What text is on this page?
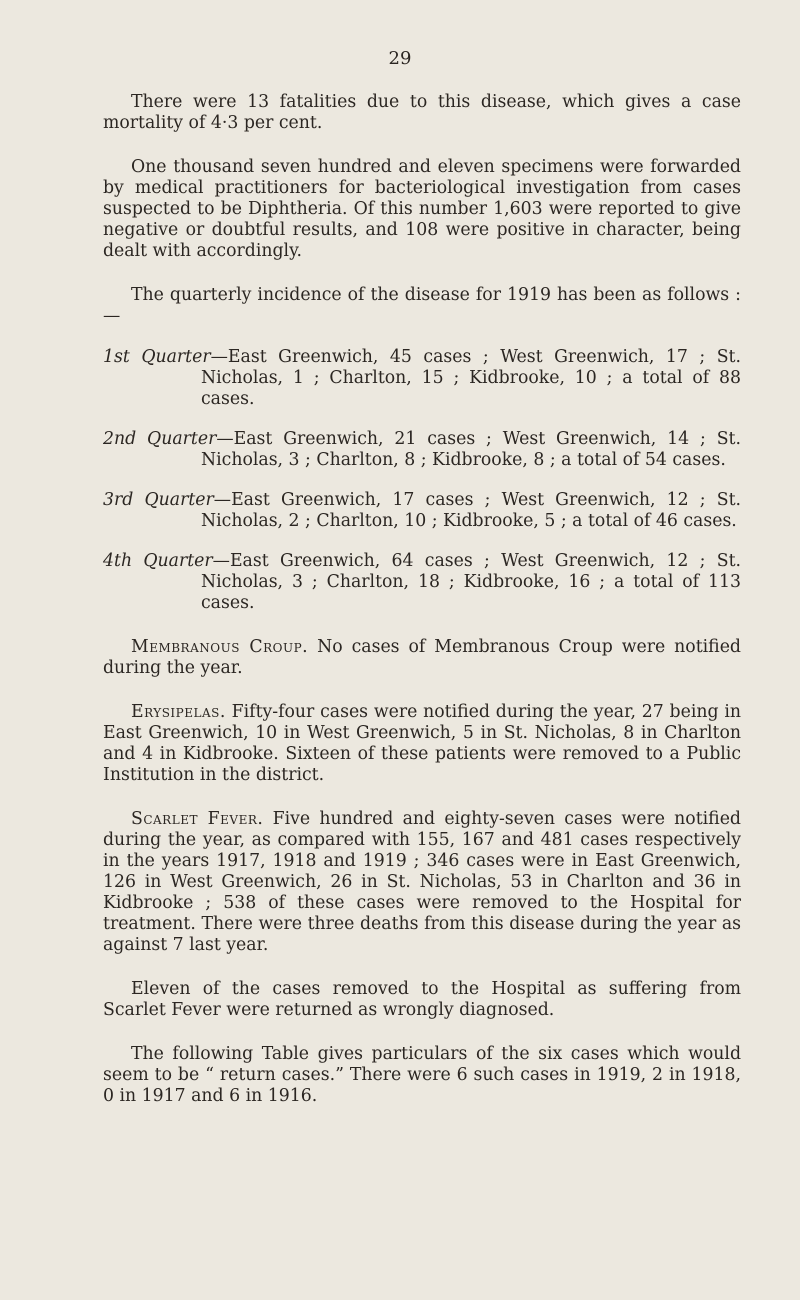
29

There were 13 fatalities due to this disease, which gives a case mortality of 4·3 per cent.

One thousand seven hundred and eleven specimens were forwarded by medical practitioners for bacteriological investigation from cases suspected to be Diphtheria. Of this number 1,603 were reported to give negative or doubtful results, and 108 were positive in character, being dealt with accordingly.

The quarterly incidence of the disease for 1919 has been as follows :—

1st Quarter—East Greenwich, 45 cases ; West Greenwich, 17 ; St. Nicholas, 1 ; Charlton, 15 ; Kidbrooke, 10 ; a total of 88 cases.

2nd Quarter—East Greenwich, 21 cases ; West Greenwich, 14 ; St. Nicholas, 3 ; Charlton, 8 ; Kidbrooke, 8 ; a total of 54 cases.

3rd Quarter—East Greenwich, 17 cases ; West Greenwich, 12 ; St. Nicholas, 2 ; Charlton, 10 ; Kidbrooke, 5 ; a total of 46 cases.

4th Quarter—East Greenwich, 64 cases ; West Greenwich, 12 ; St. Nicholas, 3 ; Charlton, 18 ; Kidbrooke, 16 ; a total of 113 cases.

Membranous Croup. No cases of Membranous Croup were notified during the year.

Erysipelas. Fifty-four cases were notified during the year, 27 being in East Greenwich, 10 in West Greenwich, 5 in St. Nicholas, 8 in Charlton and 4 in Kidbrooke. Sixteen of these patients were removed to a Public Institution in the district.

Scarlet Fever. Five hundred and eighty-seven cases were notified during the year, as compared with 155, 167 and 481 cases respectively in the years 1917, 1918 and 1919 ; 346 cases were in East Greenwich, 126 in West Greenwich, 26 in St. Nicholas, 53 in Charlton and 36 in Kidbrooke ; 538 of these cases were removed to the Hospital for treatment. There were three deaths from this disease during the year as against 7 last year.

Eleven of the cases removed to the Hospital as suffering from Scarlet Fever were returned as wrongly diagnosed.

The following Table gives particulars of the six cases which would seem to be “ return cases.” There were 6 such cases in 1919, 2 in 1918, 0 in 1917 and 6 in 1916.
